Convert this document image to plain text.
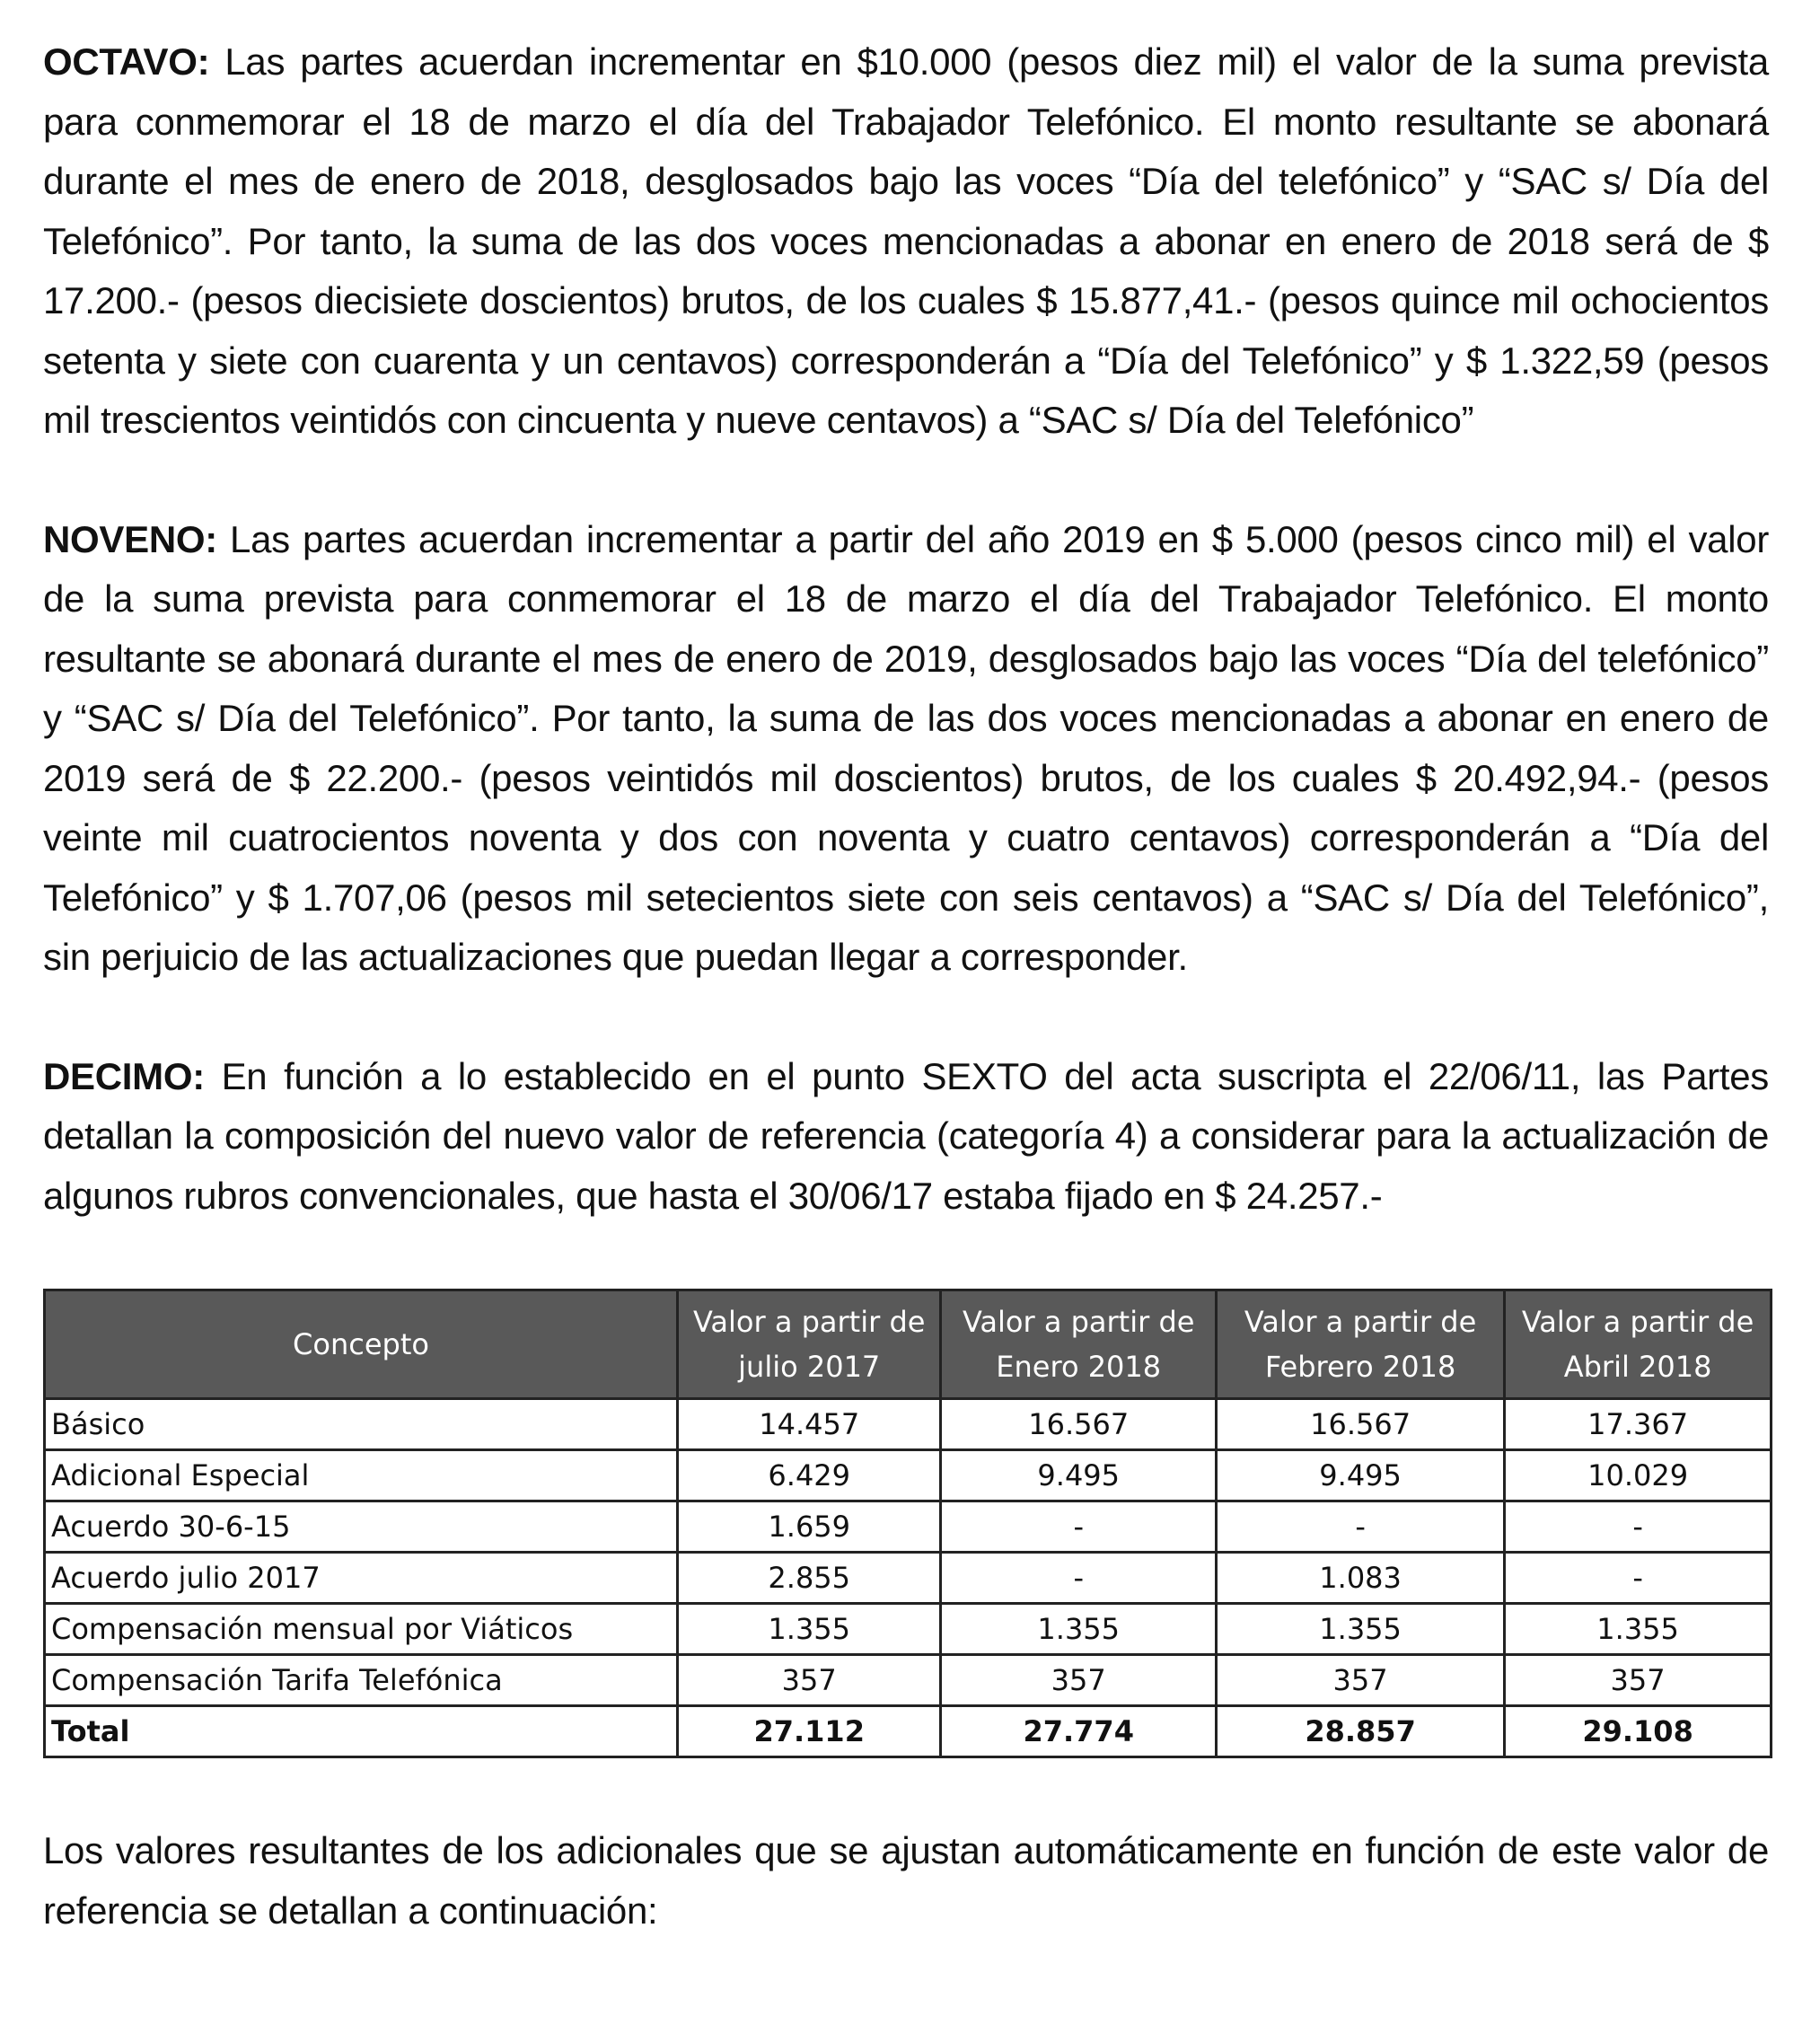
OCTAVO: Las partes acuerdan incrementar en $10.000 (pesos diez mil) el valor de la suma prevista para conmemorar el 18 de marzo el día del Trabajador Telefónico. El monto resultante se abonará durante el mes de enero de 2018, desglosados bajo las voces “Día del telefónico” y “SAC s/ Día del Telefónico”. Por tanto, la suma de las dos voces mencionadas a abonar en enero de 2018 será de $ 17.200.- (pesos diecisiete doscientos) brutos, de los cuales $ 15.877,41.- (pesos quince mil ochocientos setenta y siete con cuarenta y un centavos) corresponderán a “Día del Telefónico” y $ 1.322,59 (pesos mil trescientos veintidós con cincuenta y nueve centavos) a “SAC s/ Día del Telefónico”

NOVENO: Las partes acuerdan incrementar a partir del año 2019 en $ 5.000 (pesos cinco mil) el valor de la suma prevista para conmemorar el 18 de marzo el día del Trabajador Telefónico. El monto resultante se abonará durante el mes de enero de 2019, desglosados bajo las voces “Día del telefónico” y “SAC s/ Día del Telefónico”. Por tanto, la suma de las dos voces mencionadas a abonar en enero de 2019 será de $ 22.200.- (pesos veintidós mil doscientos) brutos, de los cuales $ 20.492,94.- (pesos veinte mil cuatrocientos noventa y dos con noventa y cuatro centavos) corresponderán a “Día del Telefónico” y $ 1.707,06 (pesos mil setecientos siete con seis centavos) a “SAC s/ Día del Telefónico”, sin perjuicio de las actualizaciones que puedan llegar a corresponder.

DECIMO: En función a lo establecido en el punto SEXTO del acta suscripta el 22/06/11, las Partes detallan la composición del nuevo valor de referencia (categoría 4) a considerar para la actualización de algunos rubros convencionales, que hasta el 30/06/17 estaba fijado en $ 24.257.-

Concepto	Valor a partir de julio 2017	Valor a partir de Enero 2018	Valor a partir de Febrero 2018	Valor a partir de Abril 2018
Básico	14.457	16.567	16.567	17.367
Adicional Especial	6.429	9.495	9.495	10.029
Acuerdo 30-6-15	1.659	-	-	-
Acuerdo julio 2017	2.855	-	1.083	-
Compensación mensual por Viáticos	1.355	1.355	1.355	1.355
Compensación Tarifa Telefónica	357	357	357	357
Total	27.112	27.774	28.857	29.108

Los valores resultantes de los adicionales que se ajustan automáticamente en función de este valor de referencia se detallan a continuación:
